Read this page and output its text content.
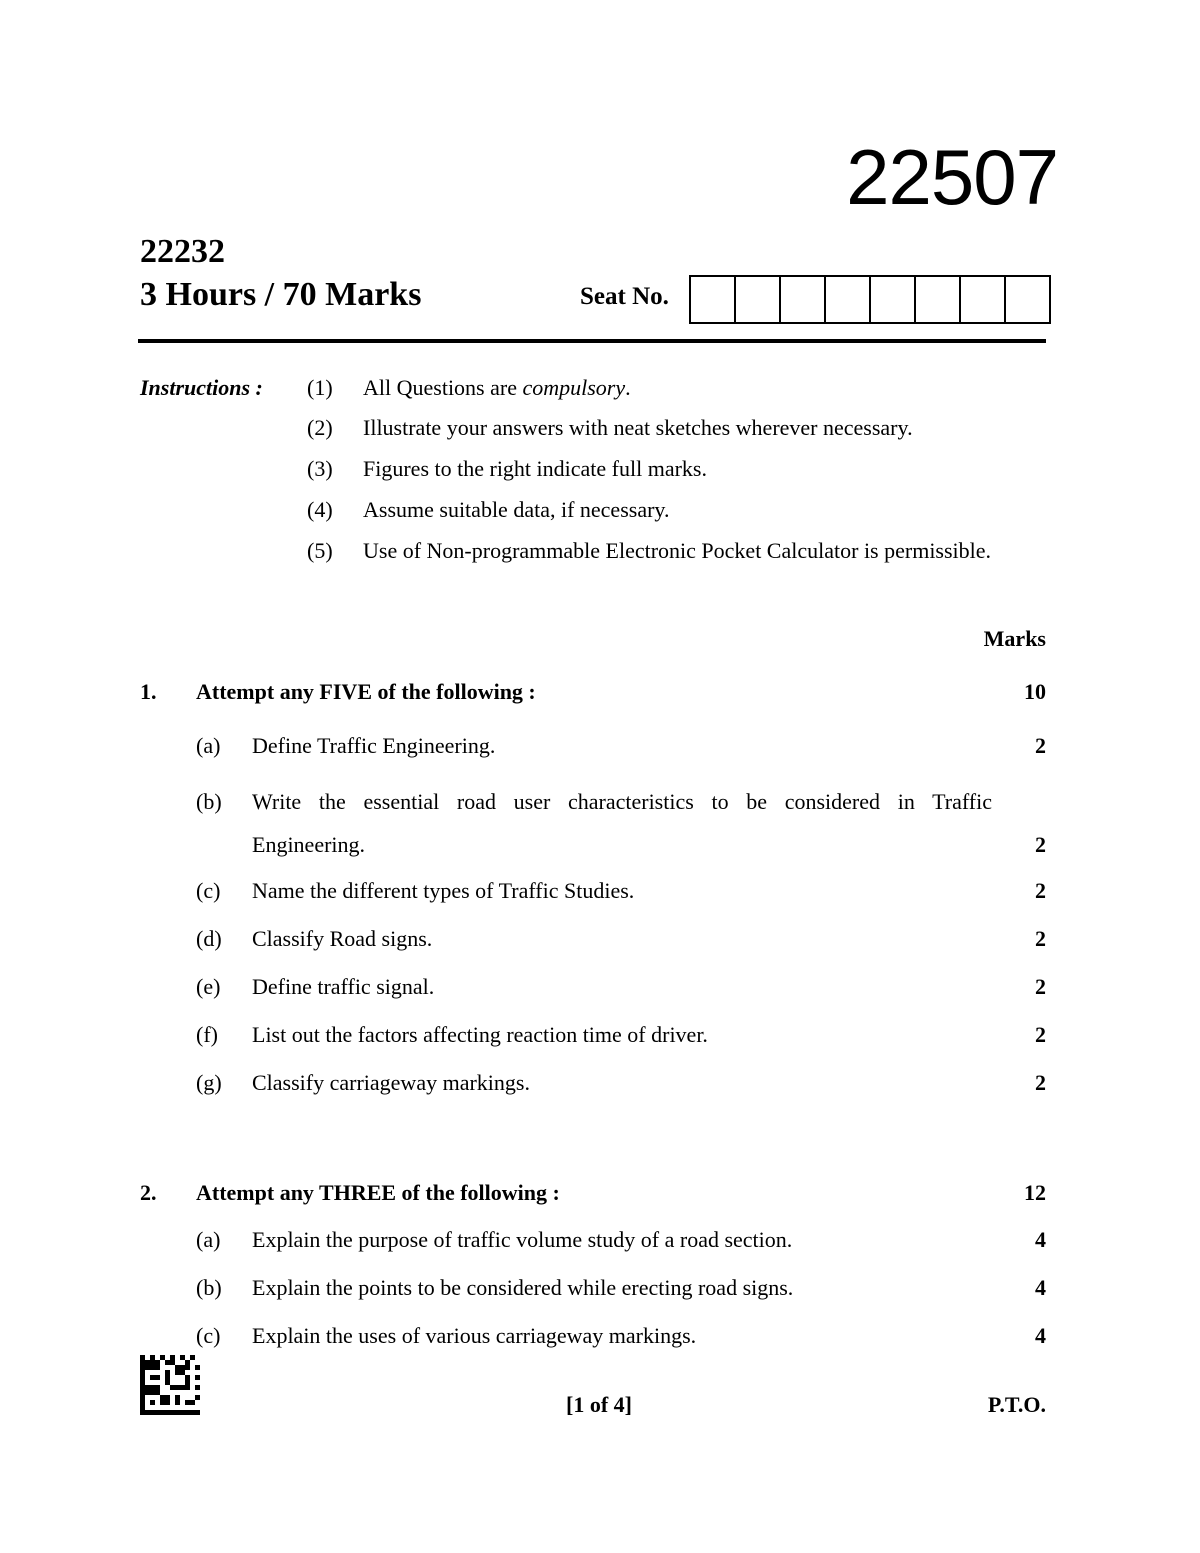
22507
22232
3 Hours / 70 Marks	Seat No.
Instructions : (1)	All Questions are compulsory.
(2)	Illustrate your answers with neat sketches wherever necessary.
(3)	Figures to the right indicate full marks.
(4)	Assume suitable data, if necessary.
(5)	Use of Non-programmable Electronic Pocket Calculator is permissible.
Marks
1. Attempt any FIVE of the following :	10
(a) Define Traffic Engineering.	2
(b) Write the essential road user characteristics to be considered in Traffic
Engineering.	2
(c) Name the different types of Traffic Studies.	2
(d) Classify Road signs.	2
(e) Define traffic signal.	2
(f) List out the factors affecting reaction time of driver.	2
(g) Classify carriageway markings.	2
2. Attempt any THREE of the following :	12
(a) Explain the purpose of traffic volume study of a road section.	4
(b) Explain the points to be considered while erecting road signs.	4
(c) Explain the uses of various carriageway markings.	4
[1 of 4]	P.T.O.
